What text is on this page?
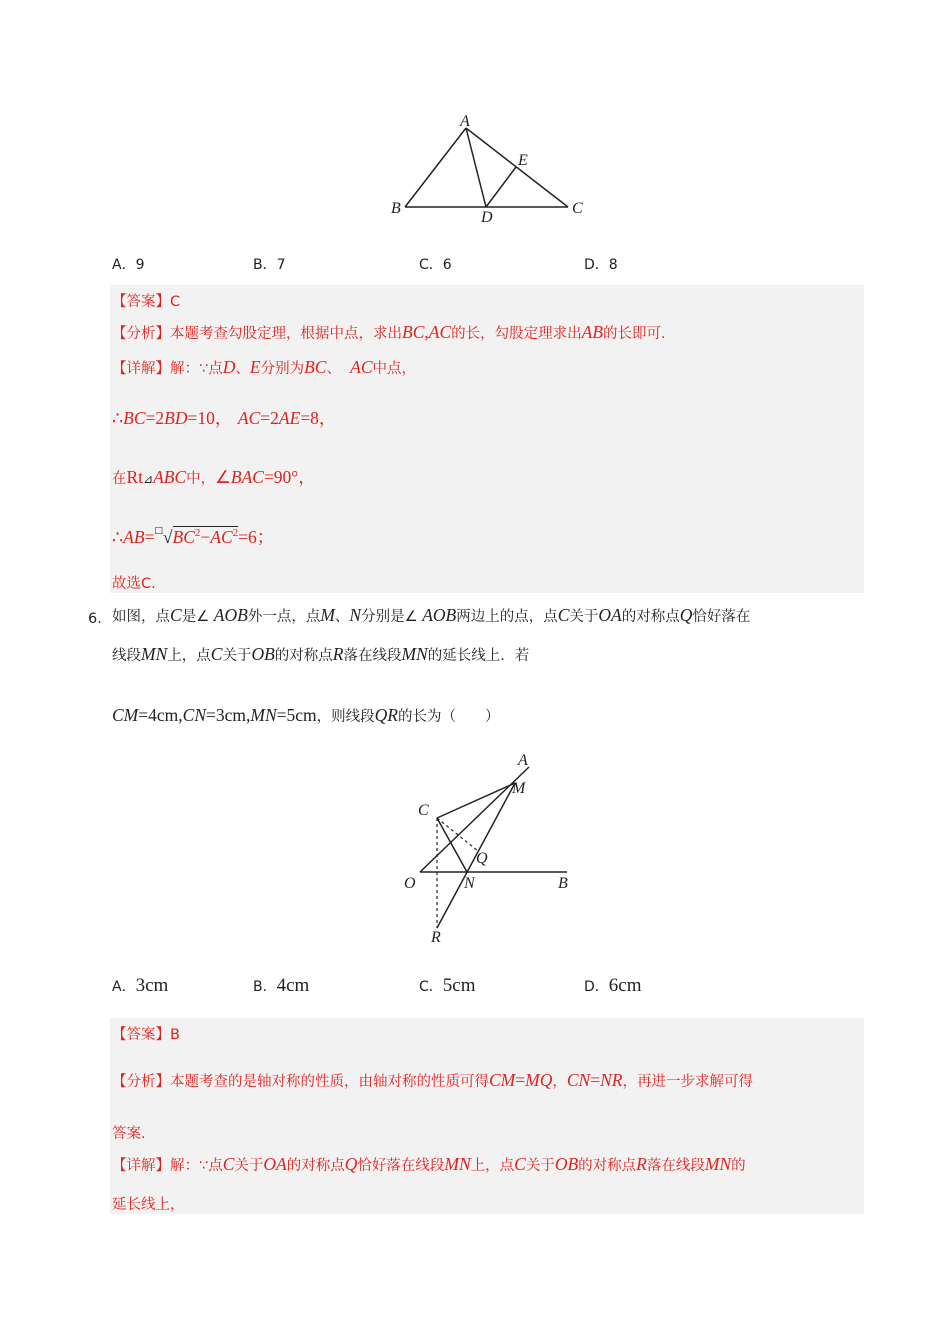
A
E
B
D
C
A．9	B．7	C．6	D．8
【答案】C
【分析】本题考查勾股定理，根据中点，求出BC,AC的长，勾股定理求出AB的长即可.
【详解】解：∵点D、E分别为BC、 AC中点，
∴BC=2BD=10， AC=2AE=8，
在Rt⊿ABC中，∠BAC=90°，
$\therefore AB=^□√BC^2-AC^2=6$；
故选C.
6． 如图，点C是∠ AOB外一点，点M、N分别是∠ AOB两边上的点，点C关于OA的对称点Q恰好落在
线段MN上，点C关于OB的对称点R落在线段MN的延长线上．若
CM=4cm,CN=3cm,MN=5cm，则线段QR的长为（　　）
A
M
C
Q
O	N	B
R
A．3cm	B．4cm	C．5cm	D．6cm
【答案】B
【分析】本题考查的是轴对称的性质，由轴对称的性质可得CM=MQ，CN=NR，再进一步求解可得
答案.
【详解】解：∵点C关于OA的对称点Q恰好落在线段MN上，点C关于OB的对称点R落在线段MN的
延长线上，
